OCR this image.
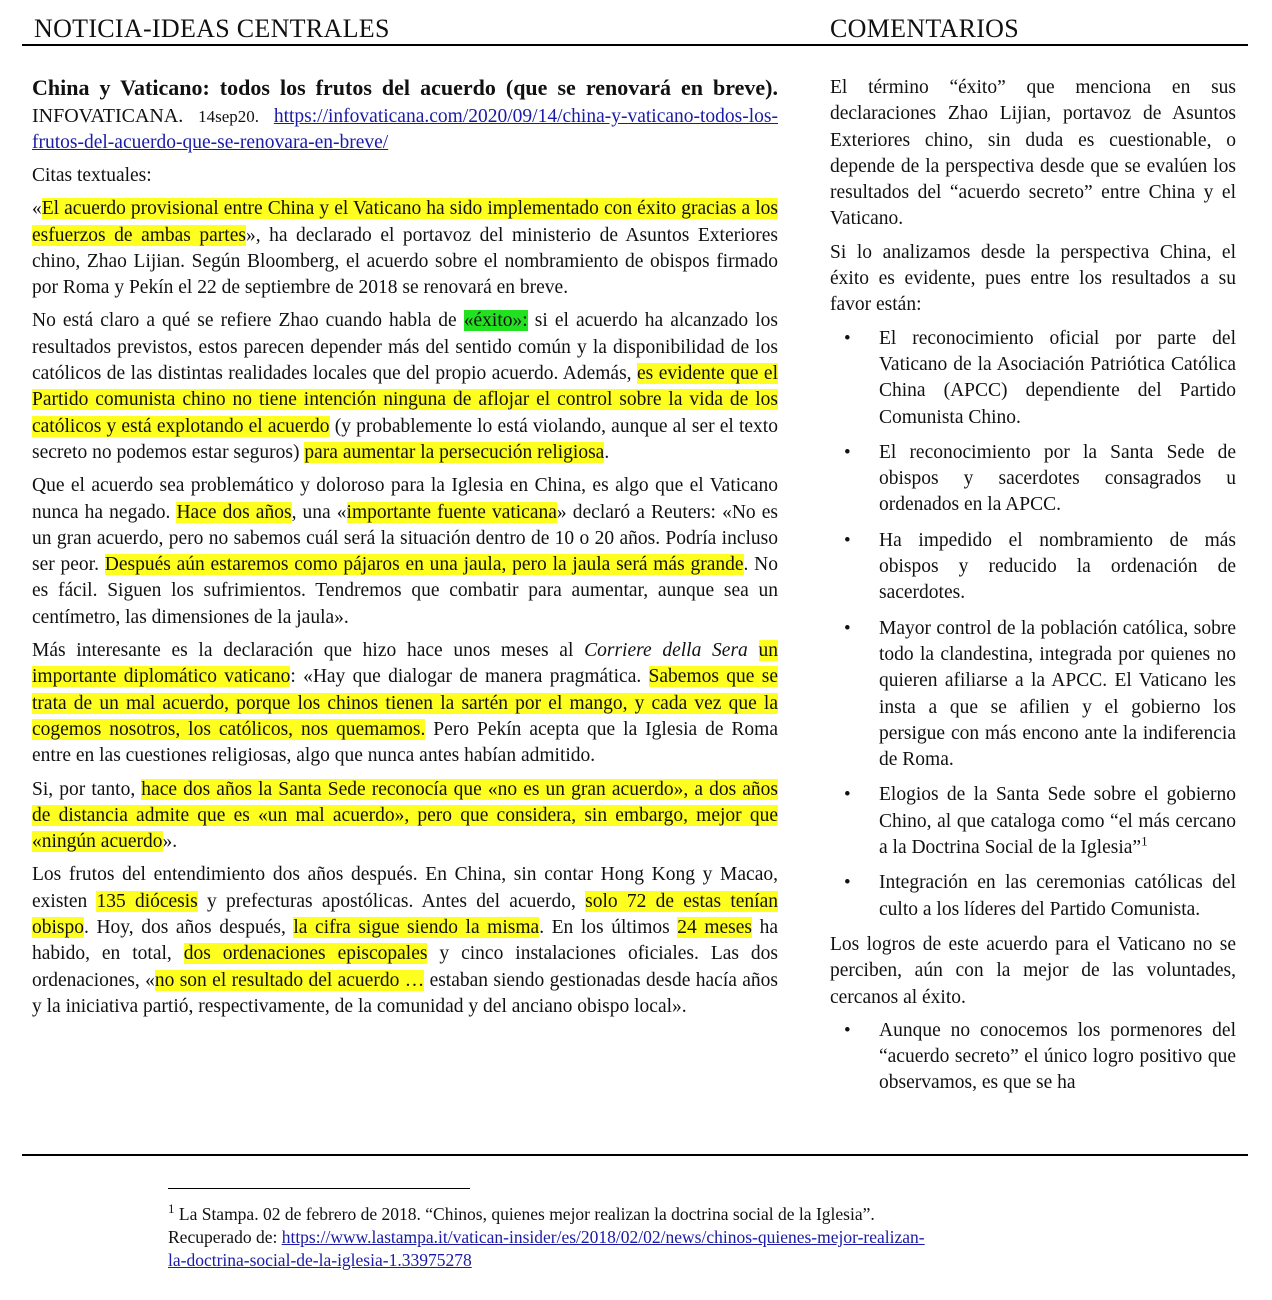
NOTICIA-IDEAS CENTRALES	COMENTARIOS
China y Vaticano: todos los frutos del acuerdo (que se renovará en breve). INFOVATICANA. 14sep20. https://infovaticana.com/2020/09/14/china-y-vaticano-todos-los-frutos-del-acuerdo-que-se-renovara-en-breve/
Citas textuales:
«El acuerdo provisional entre China y el Vaticano ha sido implementado con éxito gracias a los esfuerzos de ambas partes», ha declarado el portavoz del ministerio de Asuntos Exteriores chino, Zhao Lijian. Según Bloomberg, el acuerdo sobre el nombramiento de obispos firmado por Roma y Pekín el 22 de septiembre de 2018 se renovará en breve.
No está claro a qué se refiere Zhao cuando habla de «éxito»: si el acuerdo ha alcanzado los resultados previstos, estos parecen depender más del sentido común y la disponibilidad de los católicos de las distintas realidades locales que del propio acuerdo. Además, es evidente que el Partido comunista chino no tiene intención ninguna de aflojar el control sobre la vida de los católicos y está explotando el acuerdo (y probablemente lo está violando, aunque al ser el texto secreto no podemos estar seguros) para aumentar la persecución religiosa.
Que el acuerdo sea problemático y doloroso para la Iglesia en China, es algo que el Vaticano nunca ha negado. Hace dos años, una «importante fuente vaticana» declaró a Reuters: «No es un gran acuerdo, pero no sabemos cuál será la situación dentro de 10 o 20 años. Podría incluso ser peor. Después aún estaremos como pájaros en una jaula, pero la jaula será más grande. No es fácil. Siguen los sufrimientos. Tendremos que combatir para aumentar, aunque sea un centímetro, las dimensiones de la jaula».
Más interesante es la declaración que hizo hace unos meses al Corriere della Sera un importante diplomático vaticano: «Hay que dialogar de manera pragmática. Sabemos que se trata de un mal acuerdo, porque los chinos tienen la sartén por el mango, y cada vez que la cogemos nosotros, los católicos, nos quemamos. Pero Pekín acepta que la Iglesia de Roma entre en las cuestiones religiosas, algo que nunca antes habían admitido.
Si, por tanto, hace dos años la Santa Sede reconocía que «no es un gran acuerdo», a dos años de distancia admite que es «un mal acuerdo», pero que considera, sin embargo, mejor que «ningún acuerdo».
Los frutos del entendimiento dos años después. En China, sin contar Hong Kong y Macao, existen 135 diócesis y prefecturas apostólicas. Antes del acuerdo, solo 72 de estas tenían obispo. Hoy, dos años después, la cifra sigue siendo la misma. En los últimos 24 meses ha habido, en total, dos ordenaciones episcopales y cinco instalaciones oficiales. Las dos ordenaciones, «no son el resultado del acuerdo … estaban siendo gestionadas desde hacía años y la iniciativa partió, respectivamente, de la comunidad y del anciano obispo local».
El término “éxito” que menciona en sus declaraciones Zhao Lijian, portavoz de Asuntos Exteriores chino, sin duda es cuestionable, o depende de la perspectiva desde que se evalúen los resultados del “acuerdo secreto” entre China y el Vaticano.
Si lo analizamos desde la perspectiva China, el éxito es evidente, pues entre los resultados a su favor están:
• El reconocimiento oficial por parte del Vaticano de la Asociación Patriótica Católica China (APCC) dependiente del Partido Comunista Chino.
• El reconocimiento por la Santa Sede de obispos y sacerdotes consagrados u ordenados en la APCC.
• Ha impedido el nombramiento de más obispos y reducido la ordenación de sacerdotes.
• Mayor control de la población católica, sobre todo la clandestina, integrada por quienes no quieren afiliarse a la APCC. El Vaticano les insta a que se afilien y el gobierno los persigue con más encono ante la indiferencia de Roma.
• Elogios de la Santa Sede sobre el gobierno Chino, al que cataloga como “el más cercano a la Doctrina Social de la Iglesia”$^1$
• Integración en las ceremonias católicas del culto a los líderes del Partido Comunista.
Los logros de este acuerdo para el Vaticano no se perciben, aún con la mejor de las voluntades, cercanos al éxito.
• Aunque no conocemos los pormenores del “acuerdo secreto” el único logro positivo que observamos, es que se ha
$^1$ La Stampa. 02 de febrero de 2018. “Chinos, quienes mejor realizan la doctrina social de la Iglesia”.
Recuperado de: https://www.lastampa.it/vatican-insider/es/2018/02/02/news/chinos-quienes-mejor-realizan-
la-doctrina-social-de-la-iglesia-1.33975278
